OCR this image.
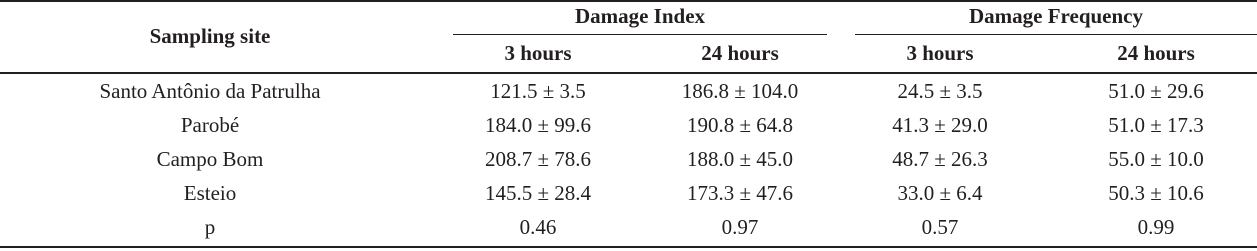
Sampling site
Damage Index	Damage Frequency
3 hours	24 hours	3 hours	24 hours
Santo Antônio da Patrulha	121.5 ± 3.5	186.8 ± 104.0	24.5 ± 3.5	51.0 ± 29.6
Parobé	184.0 ± 99.6	190.8 ± 64.8	41.3 ± 29.0	51.0 ± 17.3
Campo Bom	208.7 ± 78.6	188.0 ± 45.0	48.7 ± 26.3	55.0 ± 10.0
Esteio	145.5 ± 28.4	173.3 ± 47.6	33.0 ± 6.4	50.3 ± 10.6
p	0.46	0.97	0.57	0.99
